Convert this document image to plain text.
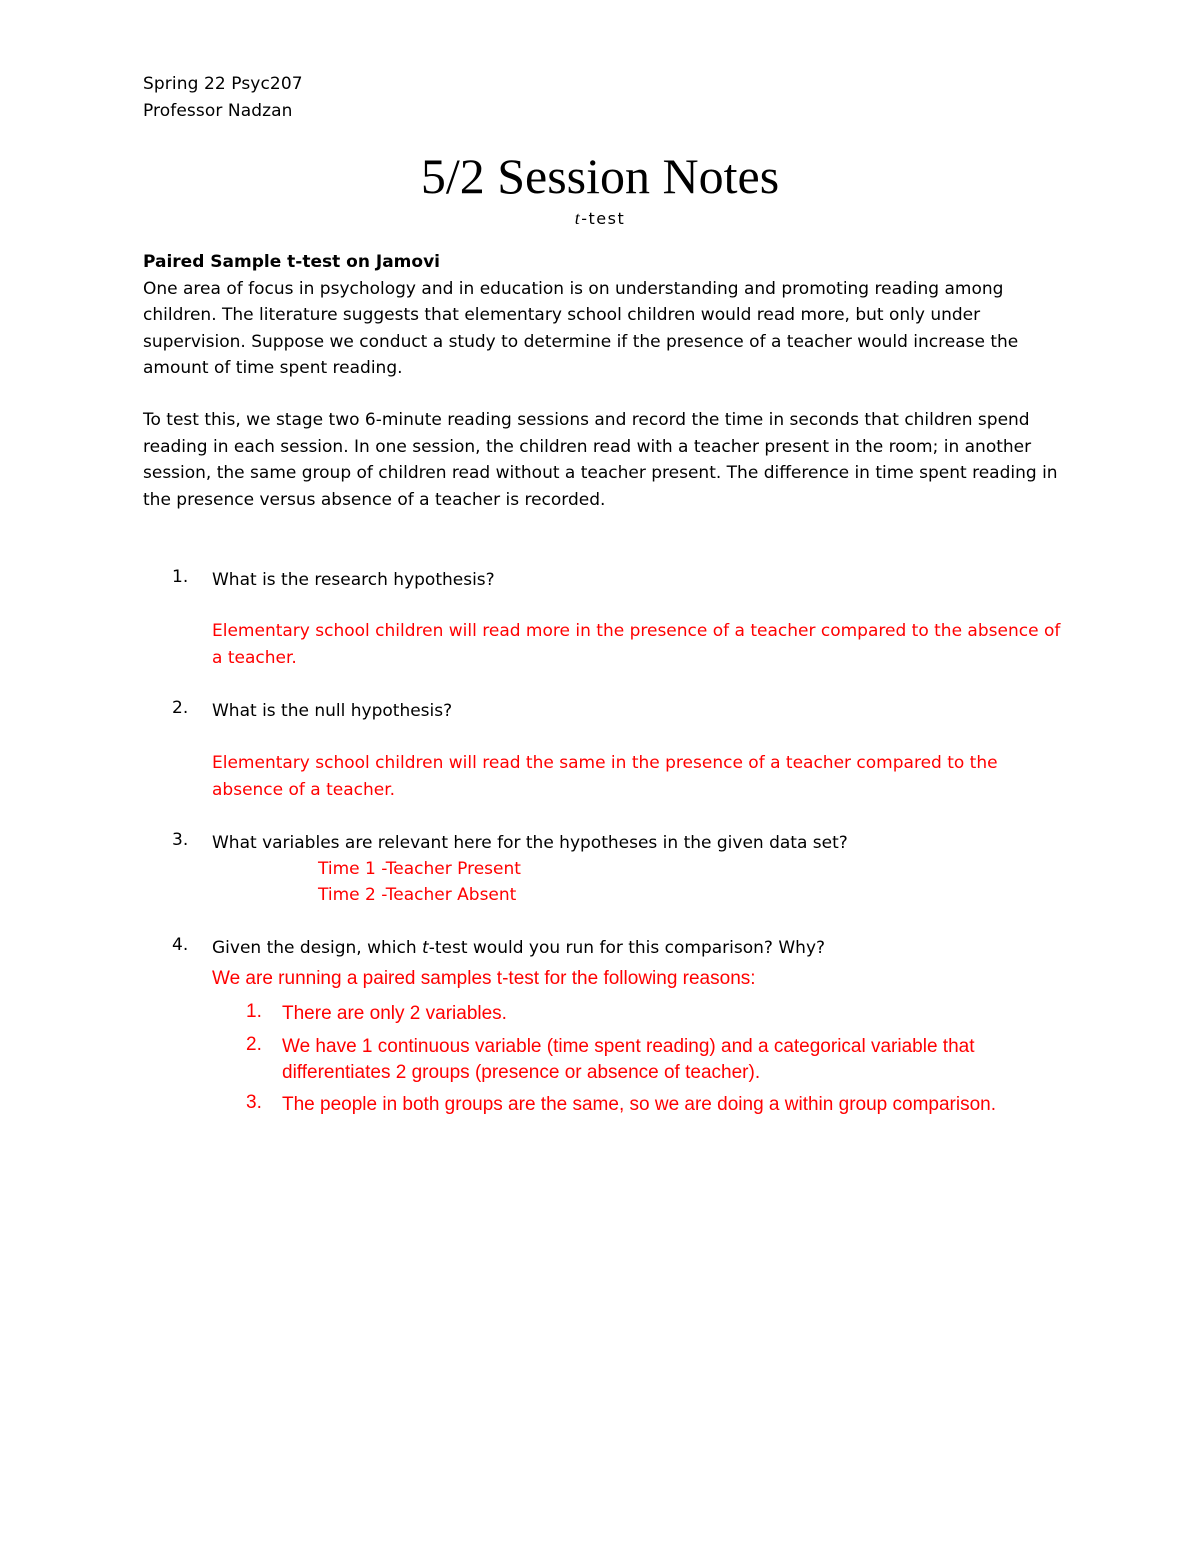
Spring 22 Psyc207
Professor Nadzan
5/2 Session Notes
t-test
Paired Sample t-test on Jamovi
One area of focus in psychology and in education is on understanding and promoting reading among children. The literature suggests that elementary school children would read more, but only under supervision. Suppose we conduct a study to determine if the presence of a teacher would increase the amount of time spent reading.
To test this, we stage two 6-minute reading sessions and record the time in seconds that children spend reading in each session. In one session, the children read with a teacher present in the room; in another session, the same group of children read without a teacher present. The difference in time spent reading in the presence versus absence of a teacher is recorded.
1. What is the research hypothesis?
Elementary school children will read more in the presence of a teacher compared to the absence of a teacher.
2. What is the null hypothesis?
Elementary school children will read the same in the presence of a teacher compared to the absence of a teacher.
3. What variables are relevant here for the hypotheses in the given data set?
Time 1 -Teacher Present
Time 2 -Teacher Absent
4. Given the design, which t-test would you run for this comparison? Why?
We are running a paired samples t-test for the following reasons:
1. There are only 2 variables.
2. We have 1 continuous variable (time spent reading) and a categorical variable that differentiates 2 groups (presence or absence of teacher).
3. The people in both groups are the same, so we are doing a within group comparison.
